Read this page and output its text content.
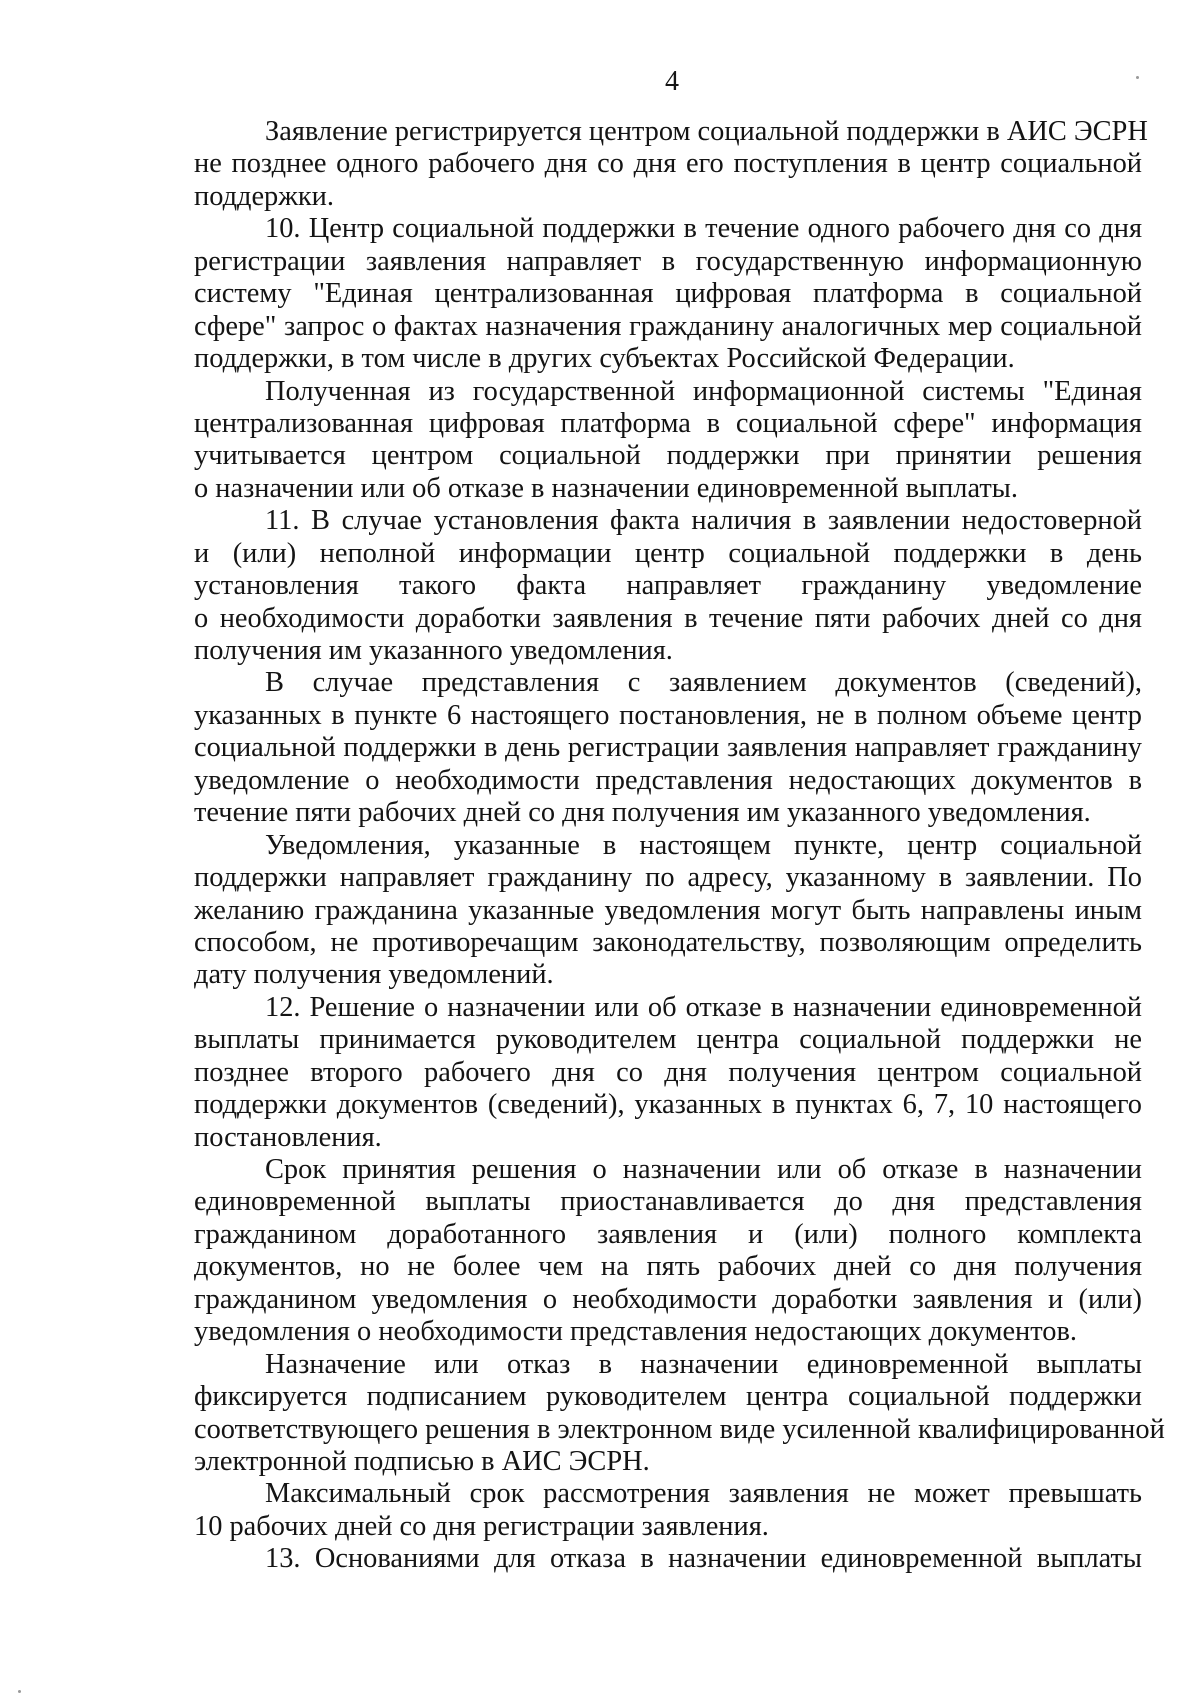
4
Заявление регистрируется центром социальной поддержки в АИС ЭСРН
не позднее одного рабочего дня со дня его поступления в центр социальной
поддержки.
10. Центр социальной поддержки в течение одного рабочего дня со дня
регистрации заявления направляет в государственную информационную
систему "Единая централизованная цифровая платформа в социальной
сфере" запрос о фактах назначения гражданину аналогичных мер социальной
поддержки, в том числе в других субъектах Российской Федерации.
Полученная из государственной информационной системы "Единая
централизованная цифровая платформа в социальной сфере" информация
учитывается центром социальной поддержки при принятии решения
о назначении или об отказе в назначении единовременной выплаты.
11. В случае установления факта наличия в заявлении недостоверной
и (или) неполной информации центр социальной поддержки в день
установления такого факта направляет гражданину уведомление
о необходимости доработки заявления в течение пяти рабочих дней со дня
получения им указанного уведомления.
В случае представления с заявлением документов (сведений),
указанных в пункте 6 настоящего постановления, не в полном объеме центр
социальной поддержки в день регистрации заявления направляет гражданину
уведомление о необходимости представления недостающих документов в
течение пяти рабочих дней со дня получения им указанного уведомления.
Уведомления, указанные в настоящем пункте, центр социальной
поддержки направляет гражданину по адресу, указанному в заявлении. По
желанию гражданина указанные уведомления могут быть направлены иным
способом, не противоречащим законодательству, позволяющим определить
дату получения уведомлений.
12. Решение о назначении или об отказе в назначении единовременной
выплаты принимается руководителем центра социальной поддержки не
позднее второго рабочего дня со дня получения центром социальной
поддержки документов (сведений), указанных в пунктах 6, 7, 10 настоящего
постановления.
Срок принятия решения о назначении или об отказе в назначении
единовременной выплаты приостанавливается до дня представления
гражданином доработанного заявления и (или) полного комплекта
документов, но не более чем на пять рабочих дней со дня получения
гражданином уведомления о необходимости доработки заявления и (или)
уведомления о необходимости представления недостающих документов.
Назначение или отказ в назначении единовременной выплаты
фиксируется подписанием руководителем центра социальной поддержки
соответствующего решения в электронном виде усиленной квалифицированной
электронной подписью в АИС ЭСРН.
Максимальный срок рассмотрения заявления не может превышать
10 рабочих дней со дня регистрации заявления.
13. Основаниями для отказа в назначении единовременной выплаты
